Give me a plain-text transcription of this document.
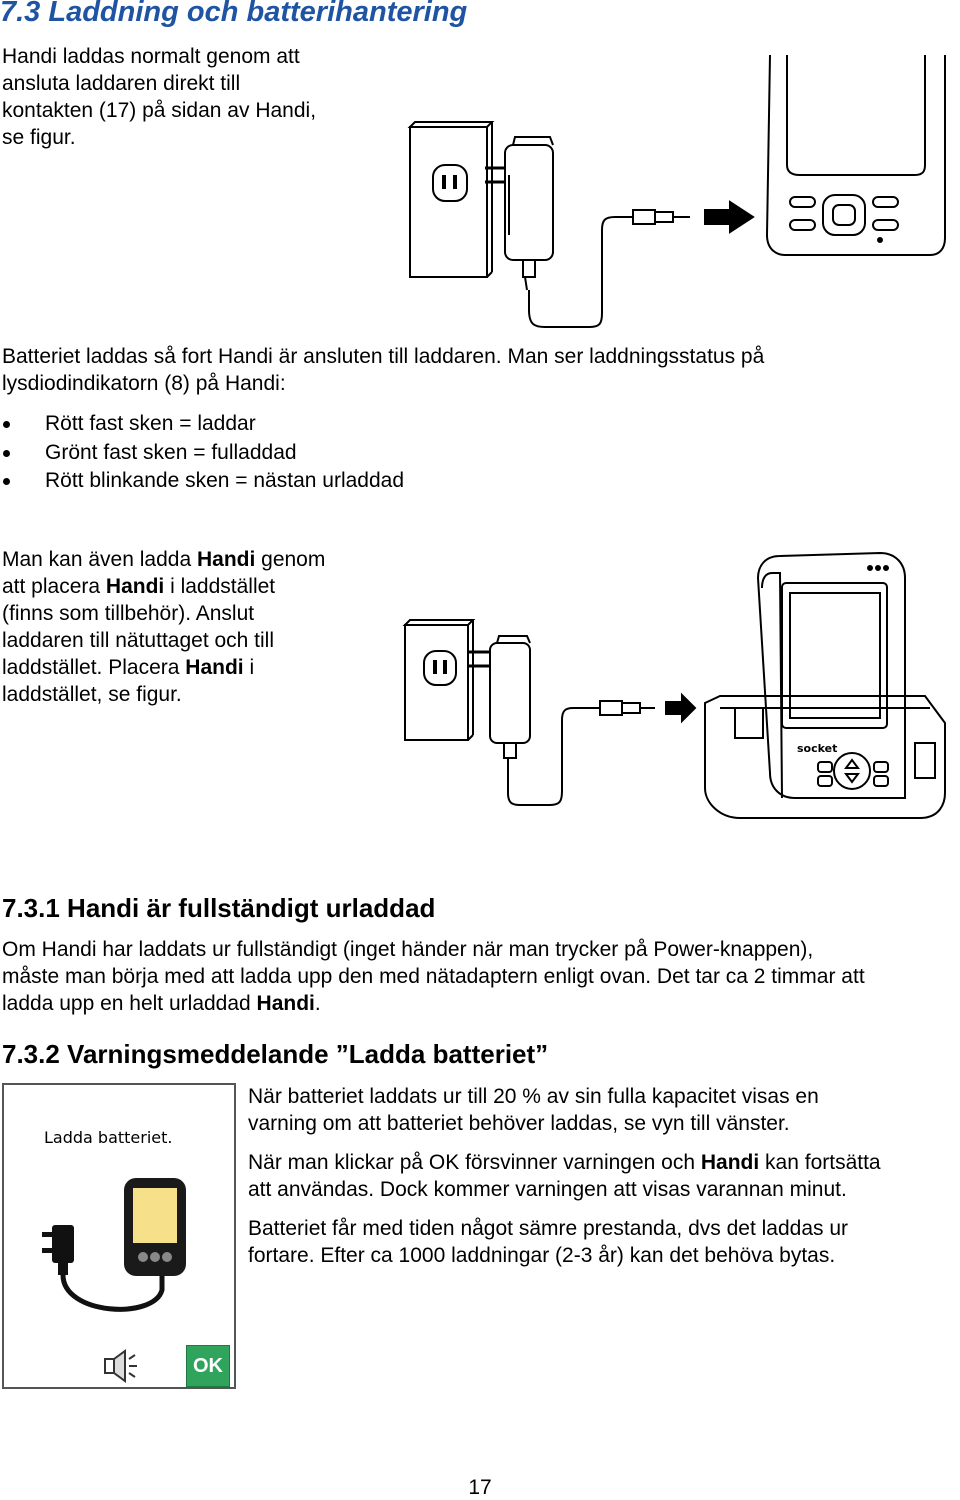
7.3 Laddning och batterihantering

Handi laddas normalt genom att

ansluta laddaren direkt till

kontakten (17) på sidan av Handi,

se figur.

Batteriet laddas så fort Handi är ansluten till laddaren. Man ser laddningsstatus på
lysdiodindikatorn (8) på Handi:
Rött fast sken = laddar
Grönt fast sken = fulladdad
Rött blinkande sken = nästan urladdad
Man kan även ladda Handi genom
att placera Handi i laddstället
(finns som tillbehör). Anslut
laddaren till nätuttaget och till
laddstället. Placera Handi i
laddstället, se figur.
socket
7.3.1 Handi är fullständigt urladdad
Om Handi har laddats ur fullständigt (inget händer när man trycker på Power-knappen),
måste man börja med att ladda upp den med nätadaptern enligt ovan. Det tar ca 2 timmar att
ladda upp en helt urladdad Handi.
7.3.2 Varningsmeddelande ”Ladda batteriet”
Ladda batteriet.
OK

När batteriet laddats ur till 20 % av sin fulla kapacitet visas en
varning om att batteriet behöver laddas, se vyn till vänster.

När man klickar på OK försvinner varningen och Handi kan fortsätta
att användas. Dock kommer varningen att visas varannan minut.

Batteriet får med tiden något sämre prestanda, dvs det laddas ur
fortare. Efter ca 1000 laddningar (2-3 år) kan det behöva bytas.

17
